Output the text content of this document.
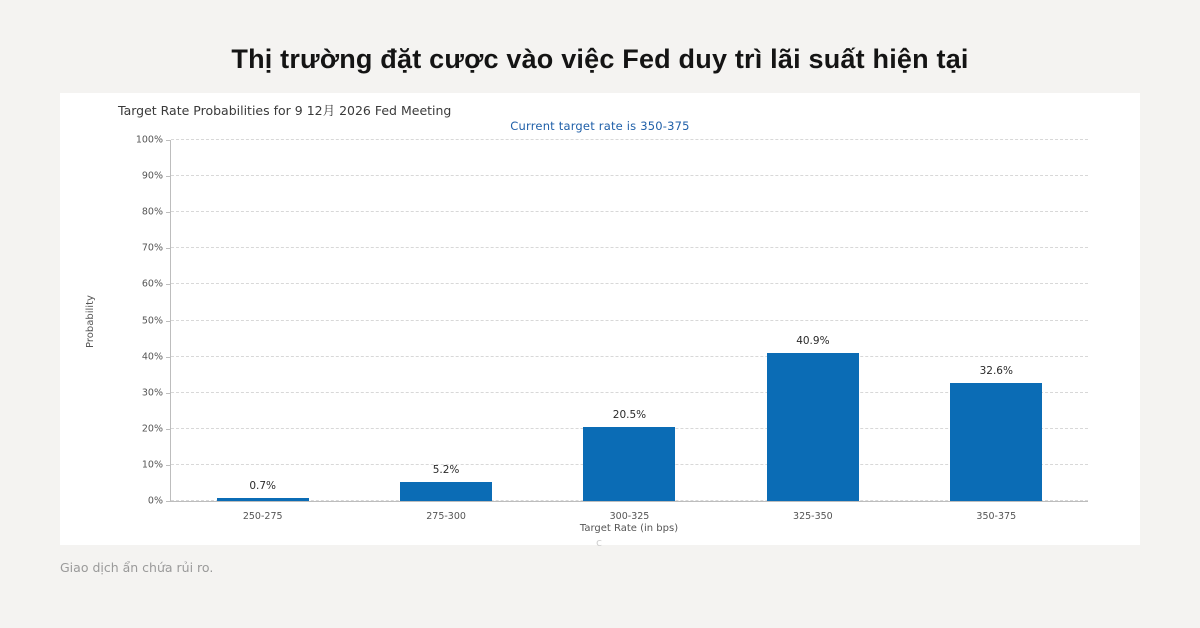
Thị trường đặt cược vào việc Fed duy trì lãi suất hiện tại
Target Rate Probabilities for 9 12月 2026 Fed Meeting
Current target rate is 350-375
Probability
0%
10%
20%
30%
40%
50%
60%
70%
80%
90%
100%
0.7%
250-275
5.2%
275-300
20.5%
300-325
40.9%
325-350
32.6%
350-375
Target Rate (in bps)
c
Giao dịch ẩn chứa rủi ro.
